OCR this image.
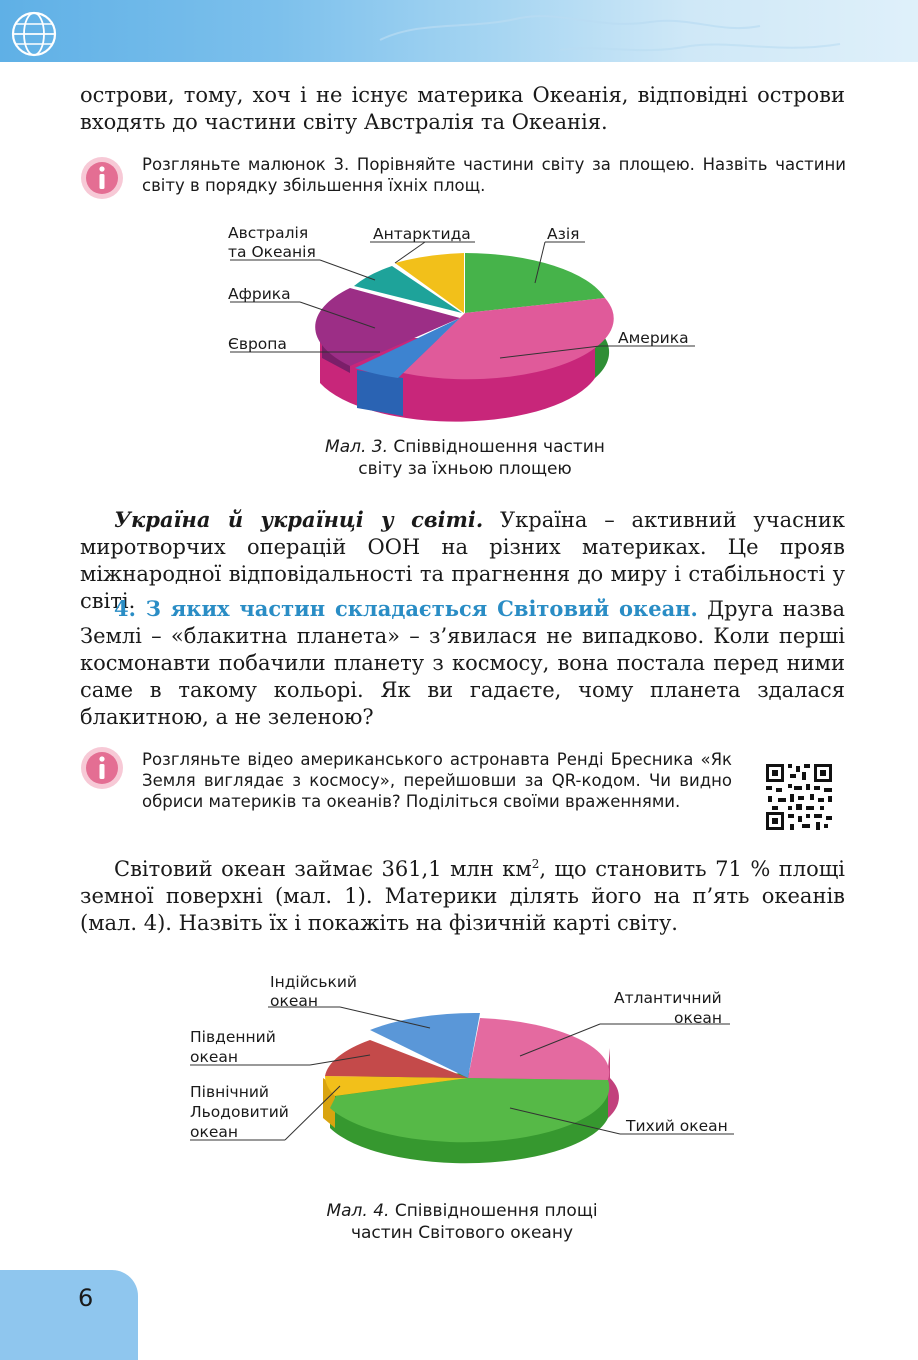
острови, тому, хоч і не існує материка Океанія, відповідні острови входять до частини світу Австралія та Океанія.

Розгляньте малюнок 3. Порівняйте частини світу за площею. Назвіть частини світу в порядку збільшення їхніх площ.
Австралія
та Океанія
Антарктида	Азія
Африка
Америка
Європа
Мал. 3. Співвідношення частин
світу за їхньою площею

Україна й українці у світі. Україна – активний учасник миротворчих операцій ООН на різних материках. Це прояв міжнародної відповідальності та прагнення до миру і стабільності у світі.

4. З яких частин складається Світовий океан. Друга назва Землі – «блакитна планета» – з’явилася не випадково. Коли перші космонавти побачили планету з космосу, вона постала перед ними саме в такому кольорі. Як ви гадаєте, чому планета здалася блакитною, а не зеленою?

Розгляньте відео американського астронавта Ренді Бресника «Як Земля виглядає з космосу», перейшовши за QR-кодом. Чи видно обриси материків та океанів? Поділіться своїми враженнями.

Світовий океан займає 361,1 млн $км^2$, що становить 71 % площі земної поверхні (мал. 1). Материки ділять його на п’ять океанів (мал. 4). Назвіть їх і покажіть на фізичній карті світу.

Індійський
океан	Атлантичний
океан
Південний
океан
Північний
Льодовитий
океан	Тихий океан
Мал. 4. Співвідношення площі
частин Світового океану
6
